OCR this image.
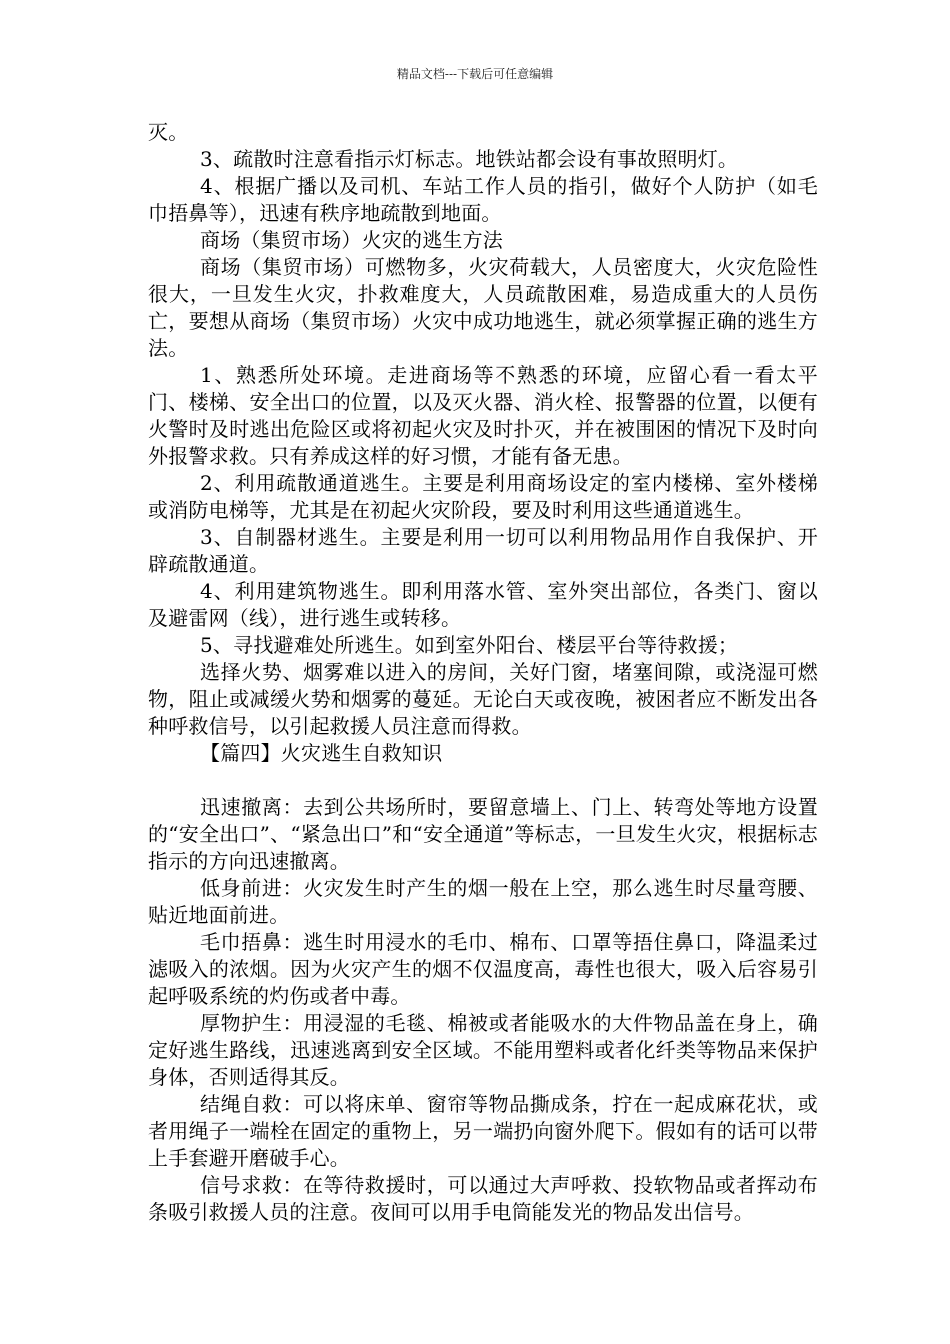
精品文档---下载后可任意编辑

灭。

3、疏散时注意看指示灯标志。地铁站都会设有事故照明灯。

4、根据广播以及司机、车站工作人员的指引，做好个人防护（如毛巾捂鼻等），迅速有秩序地疏散到地面。

商场（集贸市场）火灾的逃生方法

商场（集贸市场）可燃物多，火灾荷载大，人员密度大，火灾危险性很大，一旦发生火灾，扑救难度大，人员疏散困难，易造成重大的人员伤亡，要想从商场（集贸市场）火灾中成功地逃生，就必须掌握正确的逃生方法。

1、熟悉所处环境。走进商场等不熟悉的环境，应留心看一看太平门、楼梯、安全出口的位置，以及灭火器、消火栓、报警器的位置，以便有火警时及时逃出危险区或将初起火灾及时扑灭，并在被围困的情况下及时向外报警求救。只有养成这样的好习惯，才能有备无患。

2、利用疏散通道逃生。主要是利用商场设定的室内楼梯、室外楼梯或消防电梯等，尤其是在初起火灾阶段，要及时利用这些通道逃生。

3、自制器材逃生。主要是利用一切可以利用物品用作自我保护、开辟疏散通道。

4、利用建筑物逃生。即利用落水管、室外突出部位，各类门、窗以及避雷网（线），进行逃生或转移。

5、寻找避难处所逃生。如到室外阳台、楼层平台等待救援；

选择火势、烟雾难以进入的房间，关好门窗，堵塞间隙，或浇湿可燃物，阻止或减缓火势和烟雾的蔓延。无论白天或夜晚，被困者应不断发出各种呼救信号，以引起救援人员注意而得救。

【篇四】火灾逃生自救知识

迅速撤离：去到公共场所时，要留意墙上、门上、转弯处等地方设置的“安全出口”、“紧急出口”和“安全通道”等标志，一旦发生火灾，根据标志指示的方向迅速撤离。

低身前进：火灾发生时产生的烟一般在上空，那么逃生时尽量弯腰、贴近地面前进。

毛巾捂鼻：逃生时用浸水的毛巾、棉布、口罩等捂住鼻口，降温柔过滤吸入的浓烟。因为火灾产生的烟不仅温度高，毒性也很大，吸入后容易引起呼吸系统的灼伤或者中毒。

厚物护生：用浸湿的毛毯、棉被或者能吸水的大件物品盖在身上，确定好逃生路线，迅速逃离到安全区域。不能用塑料或者化纤类等物品来保护身体，否则适得其反。

结绳自救：可以将床单、窗帘等物品撕成条，拧在一起成麻花状，或者用绳子一端栓在固定的重物上，另一端扔向窗外爬下。假如有的话可以带上手套避开磨破手心。

信号求救：在等待救援时，可以通过大声呼救、投软物品或者挥动布条吸引救援人员的注意。夜间可以用手电筒能发光的物品发出信号。
